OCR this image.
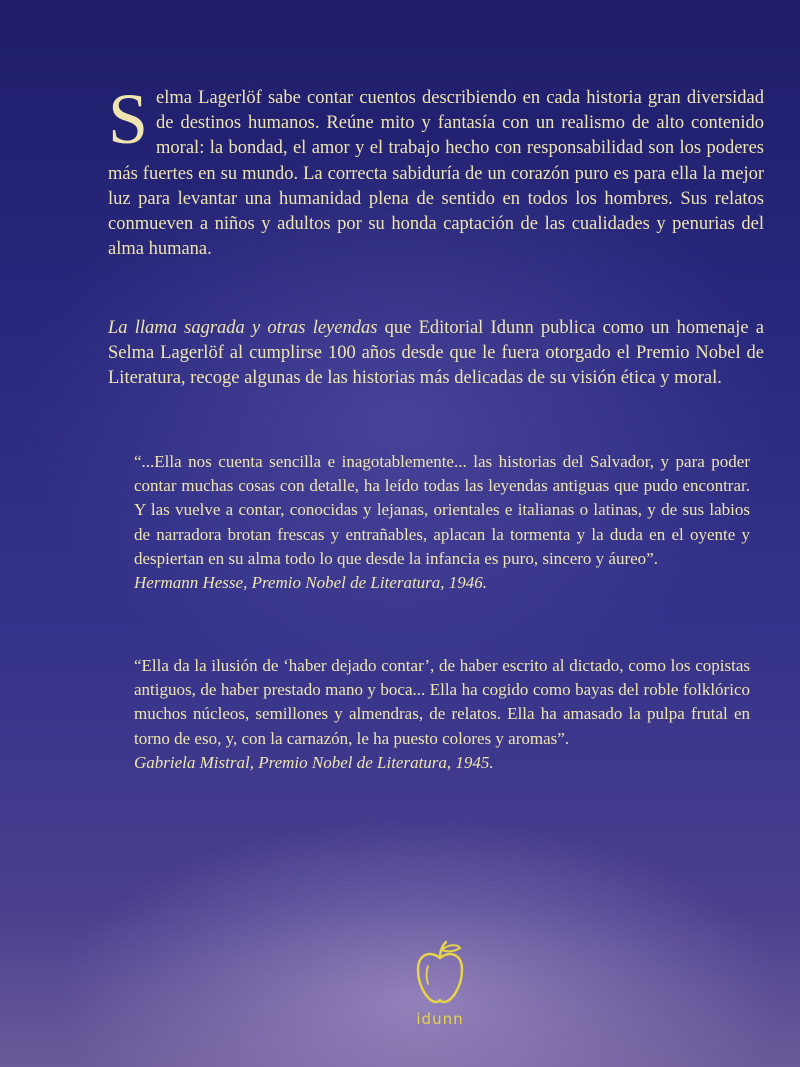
S elma Lagerlöf sabe contar cuentos describiendo en cada historia gran diversidad de destinos humanos. Reúne mito y fantasía con un realismo de alto contenido moral: la bondad, el amor y el trabajo hecho con responsabilidad son los poderes más fuertes en su mundo. La correcta sabiduría de un corazón puro es para ella la mejor luz para levantar una humanidad plena de sentido en todos los hombres. Sus relatos conmueven a niños y adultos por su honda captación de las cualidades y penurias del alma humana.
La llama sagrada y otras leyendas que Editorial Idunn publica como un homenaje a Selma Lagerlöf al cumplirse 100 años desde que le fuera otorgado el Premio Nobel de Literatura, recoge algunas de las historias más delicadas de su visión ética y moral.
“...Ella nos cuenta sencilla e inagotablemente... las historias del Salvador, y para poder contar muchas cosas con detalle, ha leído todas las leyendas antiguas que pudo encontrar. Y las vuelve a contar, conocidas y lejanas, orientales e italianas o latinas, y de sus labios de narradora brotan frescas y entrañables, aplacan la tormenta y la duda en el oyente y despiertan en su alma todo lo que desde la infancia es puro, sincero y áureo”.
Hermann Hesse, Premio Nobel de Literatura, 1946.
“Ella da la ilusión de ‘haber dejado contar’, de haber escrito al dictado, como los copistas antiguos, de haber prestado mano y boca... Ella ha cogido como bayas del roble folklórico muchos núcleos, semillones y almendras, de relatos. Ella ha amasado la pulpa frutal en torno de eso, y, con la carnazón, le ha puesto colores y aromas”.
Gabriela Mistral, Premio Nobel de Literatura, 1945.
idunn
